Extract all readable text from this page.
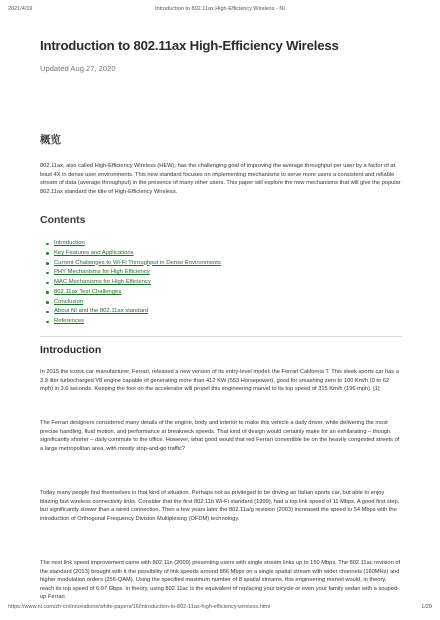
2021/4/19	Introduction to 802.11ax High-Efficiency Wireless - NI
Introduction to 802.11ax High-Efficiency Wireless
Updated Aug 27, 2020
概览

802.11ax, also called High-Efficiency Wireless (HEW), has the challenging goal of improving the average throughput per user by a factor of at least 4X in dense user environments. This new standard focuses on implementing mechanisms to serve more users a consistent and reliable stream of data (average throughput) in the presence of many other users. This paper will explore the new mechanisms that will give the popular 802.11ax standard the title of High-Efficiency Wireless.

Contents
Introduction
Key Features and Applications
Current Challenges to Wi-Fi Throughput in Dense Environments
PHY Mechanisms for High Efficiency
MAC Mechanisms for High Efficiency
802.11ax Test Challenges
Conclusion
About NI and the 802.11ax standard
References
Introduction

In 2015 the iconic car manufacturer, Ferrari, released a new version of its entry-level model: the Ferrari California T. This sleek sports car has a 3.9 liter turbocharged V8 engine capable of generating more than 412 KW (553 Horsepower), good for smashing zero to 100 Km/h (0 to 62 mph) in 3.6 seconds. Keeping the foot on the accelerator will propel this engineering marvel to its top speed of 315 Km/h (196 mph). [1]

The Ferrari designers considered many details of the engine, body and interior to make this vehicle a daily driver, while delivering the most precise handling, fluid motion, and performance at breakneck speeds. That kind of design would certainly make for an exhilarating – though significantly shorter – daily commute to the office. However, what good would that red Ferrari convertible be on the heavily congested streets of a large metropolitan area, with mostly stop-and-go traffic?

Today many people find themselves in that kind of situation. Perhaps not as privileged to be driving an Italian sports car, but able to enjoy blazing fast wireless connectivity links. Consider that the first 802.11b Wi-Fi standard (1999), had a top link speed of 11 Mbps. A good first step, but significantly slower than a wired connection. Then a few years later the 802.11a/g revision (2003) increased the speed to 54 Mbps with the introduction of Orthogonal Frequency Division Multiplexing (OFDM) technology.

The next link speed improvement came with 802.11n (2009) presenting users with single stream links up to 150 Mbps. The 802.11ac revision of the standard (2013) brought with it the possibility of link speeds around 866 Mbps on a single spatial stream with wider channels (160MHz) and higher modulation orders (256-QAM). Using the specified maximum number of 8 spatial streams, this engineering marvel would, in theory, reach its top speed of 6.97 Gbps. In theory, using 802.11ac is the equivalent of replacing your bicycle or even your family sedan with a souped-up Ferrari.

https://www.ni.com/zh-cn/innovations/white-papers/16/introduction-to-802-11ax-high-efficiency-wireless.html	1/20
